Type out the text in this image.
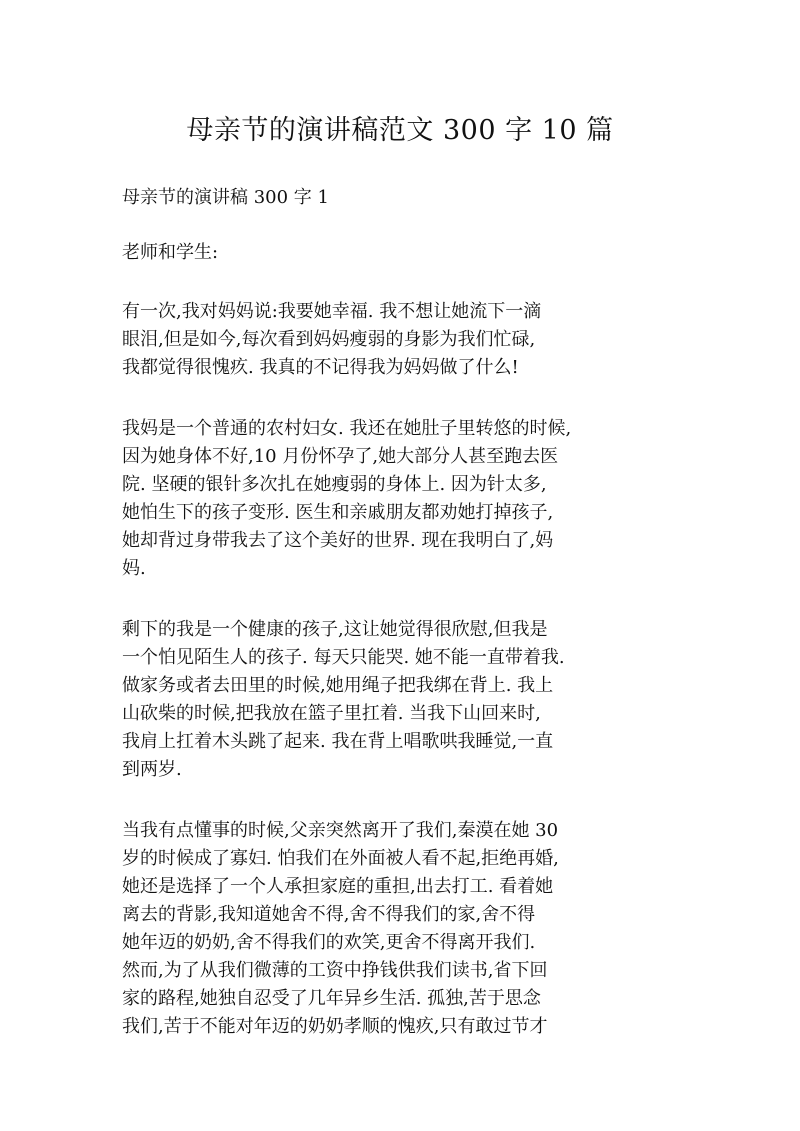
母亲节的演讲稿范文 300 字 10 篇

母亲节的演讲稿 300 字 1

老师和学生:

有一次,我对妈妈说:我要她幸福. 我不想让她流下一滴
眼泪,但是如今,每次看到妈妈瘦弱的身影为我们忙碌,
我都觉得很愧疚. 我真的不记得我为妈妈做了什么!

我妈是一个普通的农村妇女. 我还在她肚子里转悠的时候,
因为她身体不好,10 月份怀孕了,她大部分人甚至跑去医
院. 坚硬的银针多次扎在她瘦弱的身体上. 因为针太多,
她怕生下的孩子变形. 医生和亲戚朋友都劝她打掉孩子,
她却背过身带我去了这个美好的世界. 现在我明白了,妈
妈.

剩下的我是一个健康的孩子,这让她觉得很欣慰,但我是
一个怕见陌生人的孩子. 每天只能哭. 她不能一直带着我.
做家务或者去田里的时候,她用绳子把我绑在背上. 我上
山砍柴的时候,把我放在篮子里扛着. 当我下山回来时,
我肩上扛着木头跳了起来. 我在背上唱歌哄我睡觉,一直
到两岁.

当我有点懂事的时候,父亲突然离开了我们,秦漠在她 30
岁的时候成了寡妇. 怕我们在外面被人看不起,拒绝再婚,
她还是选择了一个人承担家庭的重担,出去打工. 看着她
离去的背影,我知道她舍不得,舍不得我们的家,舍不得
她年迈的奶奶,舍不得我们的欢笑,更舍不得离开我们.
然而,为了从我们微薄的工资中挣钱供我们读书,省下回
家的路程,她独自忍受了几年异乡生活. 孤独,苦于思念
我们,苦于不能对年迈的奶奶孝顺的愧疚,只有敢过节才
